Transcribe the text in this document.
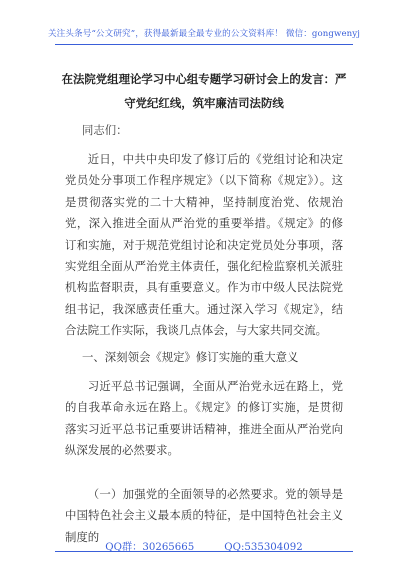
关注头条号“公文研究”，获得最新最全最专业的公文资料库！ 微信：gongwenyj
在法院党组理论学习中心组专题学习研讨会上的发言：严守党纪红线，筑牢廉洁司法防线
同志们：

近日，中共中央印发了修订后的《党组讨论和决定党员处分事项工作程序规定》（以下简称《规定》）。这是贯彻落实党的二十大精神，坚持制度治党、依规治党，深入推进全面从严治党的重要举措。《规定》的修订和实施，对于规范党组讨论和决定党员处分事项，落实党组全面从严治党主体责任，强化纪检监察机关派驻机构监督职责，具有重要意义。作为市中级人民法院党组书记，我深感责任重大。通过深入学习《规定》，结合法院工作实际，我谈几点体会，与大家共同交流。

一、深刻领会《规定》修订实施的重大意义

习近平总书记强调，全面从严治党永远在路上，党的自我革命永远在路上。《规定》的修订实施，是贯彻落实习近平总书记重要讲话精神，推进全面从严治党向纵深发展的必然要求。

（一）加强党的全面领导的必然要求。党的领导是中国特色社会主义最本质的特征，是中国特色社会主义制度的

QQ群：30265665	QQ:535304092
